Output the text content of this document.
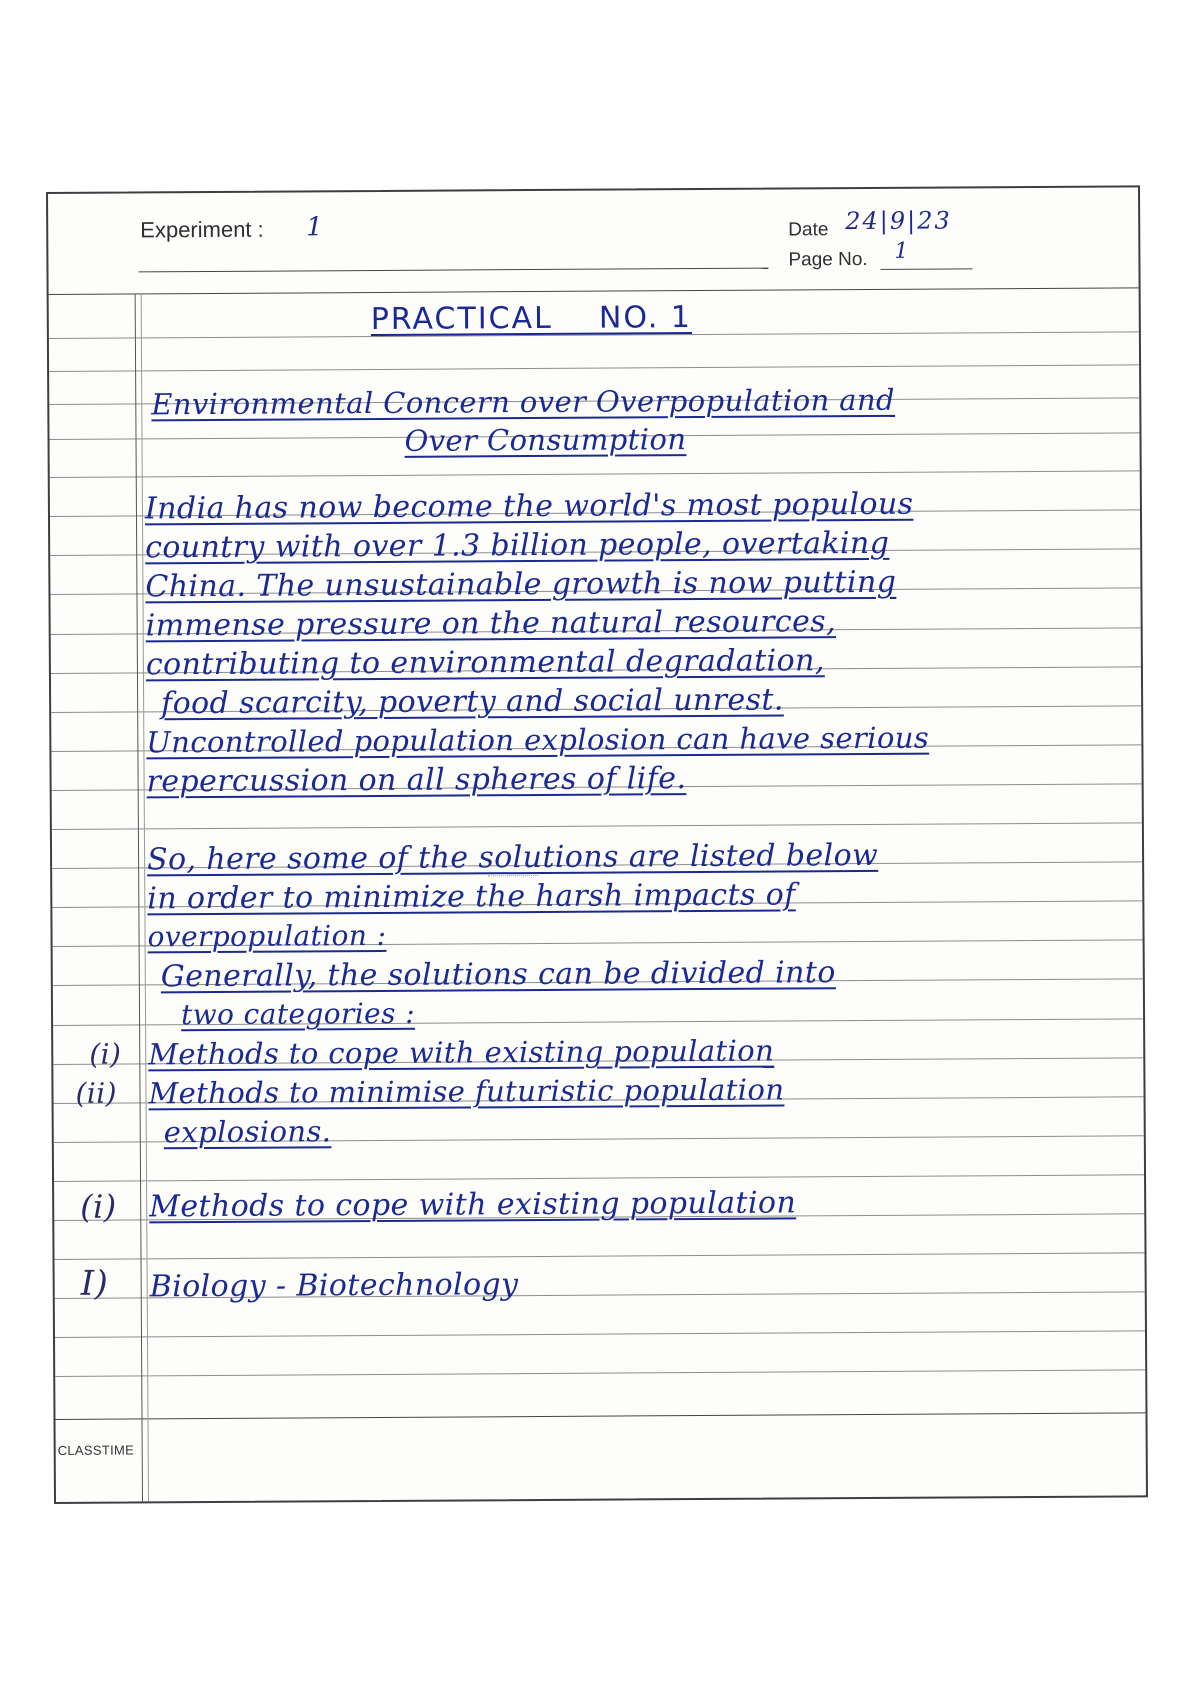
Experiment : 1	Date 24|9|23
Page No. 1
PRACTICAL    NO. 1
Environmental Concern over Overpopulation and
Over Consumption
India has now become the world's most populous
country with over 1.3 billion people, overtaking
China. The unsustainable growth is now putting
immense pressure on the natural resources,
contributing to environmental degradation,
food scarcity, poverty and social unrest.
Uncontrolled population explosion can have serious
repercussion on all spheres of life.
So, here some of the solutions are listed below
in order to minimize the harsh impacts of
overpopulation :
Generally, the solutions can be divided into
two categories :
(i) Methods to cope with existing population
(ii) Methods to minimise futuristic population
explosions.
(i) Methods to cope with existing population
I) Biology - Biotechnology
CLASSTIME
